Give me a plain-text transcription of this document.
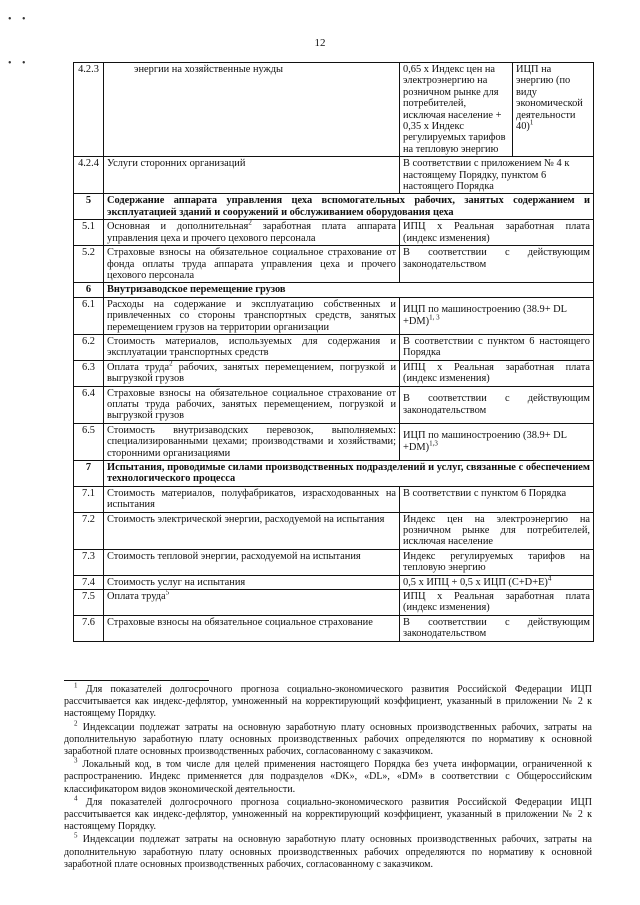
• •
• •
12
4.2.3	энергии на хозяйственные нужды	0,65 х Индекс цен на электроэнергию на розничном рынке для потребителей, исключая население + 0,35 х Индекс регулируемых тарифов на тепловую энергию	ИЦП на энергию (по виду экономической деятельности 40)$^1$
4.2.4	Услуги сторонних организаций	В соответствии с приложением № 4 к настоящему Порядку, пунктом 6 настоящего Порядка	
5	Содержание аппарата управления цеха вспомогательных рабочих, занятых содержанием и эксплуатацией зданий и сооружений и обслуживанием оборудования цеха		
5.1	Основная и дополнительная$^2$ заработная плата аппарата управления цеха и прочего цехового персонала	ИПЦ х Реальная заработная плата (индекс изменения)	
5.2	Страховые взносы на обязательное социальное страхование от фонда оплаты труда аппарата управления цеха и прочего цехового персонала	В соответствии с действующим законодательством	
6	Внутризаводское перемещение грузов		
6.1	Расходы на содержание и эксплуатацию собственных и привлеченных со стороны транспортных средств, занятых перемещением грузов на территории организации	ИЦП по машиностроению (38.9+ DL +DM)$^{1, 3}$
6.2	Стоимость материалов, используемых для содержания и эксплуатации транспортных средств	В соответствии с пунктом 6 настоящего Порядка	
6.3	Оплата труда$^2$ рабочих, занятых перемещением, погрузкой и выгрузкой грузов	ИПЦ х Реальная заработная плата (индекс изменения)	
6.4	Страховые взносы на обязательное социальное страхование от оплаты труда рабочих, занятых перемещением, погрузкой и выгрузкой грузов	В соответствии с действующим законодательством	
6.5	Стоимость внутризаводских перевозок, выполняемых: специализированными цехами; производствами и хозяйствами; сторонними организациями	ИЦП по машиностроению (38.9+ DL +DM)$^{1,3}$
7	Испытания, проводимые силами производственных подразделений и услуг, связанные с обеспечением технологического процесса		
7.1	Стоимость материалов, полуфабрикатов, израсходованных на испытания	В соответствии с пунктом 6 Порядка	
7.2	Стоимость электрической энергии, расходуемой на испытания	Индекс цен на электроэнергию на розничном рынке для потребителей, исключая население	
7.3	Стоимость тепловой энергии, расходуемой на испытания	Индекс регулируемых тарифов на тепловую энергию	
7.4	Стоимость услуг на испытания	0,5 х ИПЦ + 0,5 х ИЦП $(С+D+E)^4$
7.5	Оплата труда$^5$	ИПЦ х Реальная заработная плата (индекс изменения)	
7.6	Страховые взносы на обязательное социальное страхование	В соответствии с действующим законодательством	

$^1$ Для показателей долгосрочного прогноза социально-экономического развития Российской Федерации ИЦП рассчитывается как индекс-дефлятор, умноженный на корректирующий коэффициент, указанный в приложении № 2 к настоящему Порядку.

$^2$ Индексации подлежат затраты на основную заработную плату основных производственных рабочих, затраты на дополнительную заработную плату основных производственных рабочих определяются по нормативу к основной заработной плате основных производственных рабочих, согласованному с заказчиком.

$^3$ Локальный код, в том числе для целей применения настоящего Порядка без учета информации, ограниченной к распространению. Индекс применяется для подразделов «DK», «DL», «DM» в соответствии с Общероссийским классификатором видов экономической деятельности.

$^4$ Для показателей долгосрочного прогноза социально-экономического развития Российской Федерации ИЦП рассчитывается как индекс-дефлятор, умноженный на корректирующий коэффициент, указанный в приложении № 2 к настоящему Порядку.

$^5$ Индексации подлежат затраты на основную заработную плату основных производственных рабочих, затраты на дополнительную заработную плату основных производственных рабочих определяются по нормативу к основной заработной плате основных производственных рабочих, согласованному с заказчиком.
